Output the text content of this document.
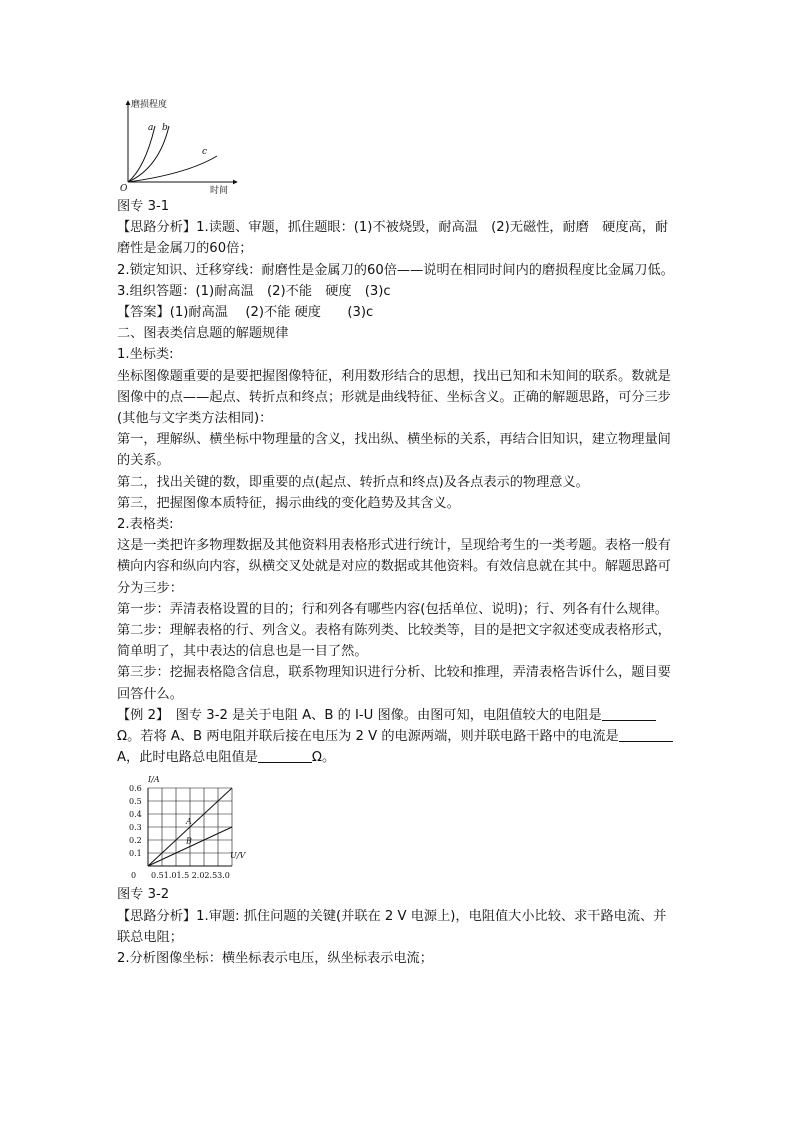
磨损程度
时间
O
a b
c

图专 3-1

【思路分析】1.读题、审题，抓住题眼：(1)不被烧毁，耐高温　(2)无磁性，耐磨　硬度高，耐磨性是金属刀的60倍；

2.锁定知识、迁移穿线：耐磨性是金属刀的60倍——说明在相同时间内的磨损程度比金属刀低。

3.组织答题：(1)耐高温　(2)不能　硬度　(3)c

【答案】(1)耐高温　 (2)不能 硬度　　(3)c

二、图表类信息题的解题规律

1.坐标类:

坐标图像题重要的是要把握图像特征，利用数形结合的思想，找出已知和未知间的联系。数就是图像中的点——起点、转折点和终点；形就是曲线特征、坐标含义。正确的解题思路，可分三步(其他与文字类方法相同)：

第一，理解纵、横坐标中物理量的含义，找出纵、横坐标的关系，再结合旧知识，建立物理量间的关系。

第二，找出关键的数，即重要的点(起点、转折点和终点)及各点表示的物理意义。

第三，把握图像本质特征，揭示曲线的变化趋势及其含义。

2.表格类:

这是一类把许多物理数据及其他资料用表格形式进行统计，呈现给考生的一类考题。表格一般有横向内容和纵向内容，纵横交叉处就是对应的数据或其他资料。有效信息就在其中。解题思路可分为三步：

第一步：弄清表格设置的目的；行和列各有哪些内容(包括单位、说明)；行、列各有什么规律。

第二步：理解表格的行、列含义。表格有陈列类、比较类等，目的是把文字叙述变成表格形式，简单明了，其中表达的信息也是一目了然。

第三步：挖掘表格隐含信息，联系物理知识进行分析、比较和推理，弄清表格告诉什么，题目要回答什么。

【例 2】　图专 3-2 是关于电阻 A、B 的 I-U 图像。由图可知，电阻值较大的电阻是Ω。若将 A、B 两电阻并联后接在电压为 2 V 的电源两端，则并联电路干路中的电流是A，此时电路总电阻值是	Ω。

0.6
0.5
0.4
0.3
0.2
0.1
A
B
I/A
U/V
0 0.51.01.5 2.02.53.0

图专 3-2

【思路分析】1.审题: 抓住问题的关键(并联在 2 V 电源上)，电阻值大小比较、求干路电流、并联总电阻；

2.分析图像坐标：横坐标表示电压，纵坐标表示电流；
